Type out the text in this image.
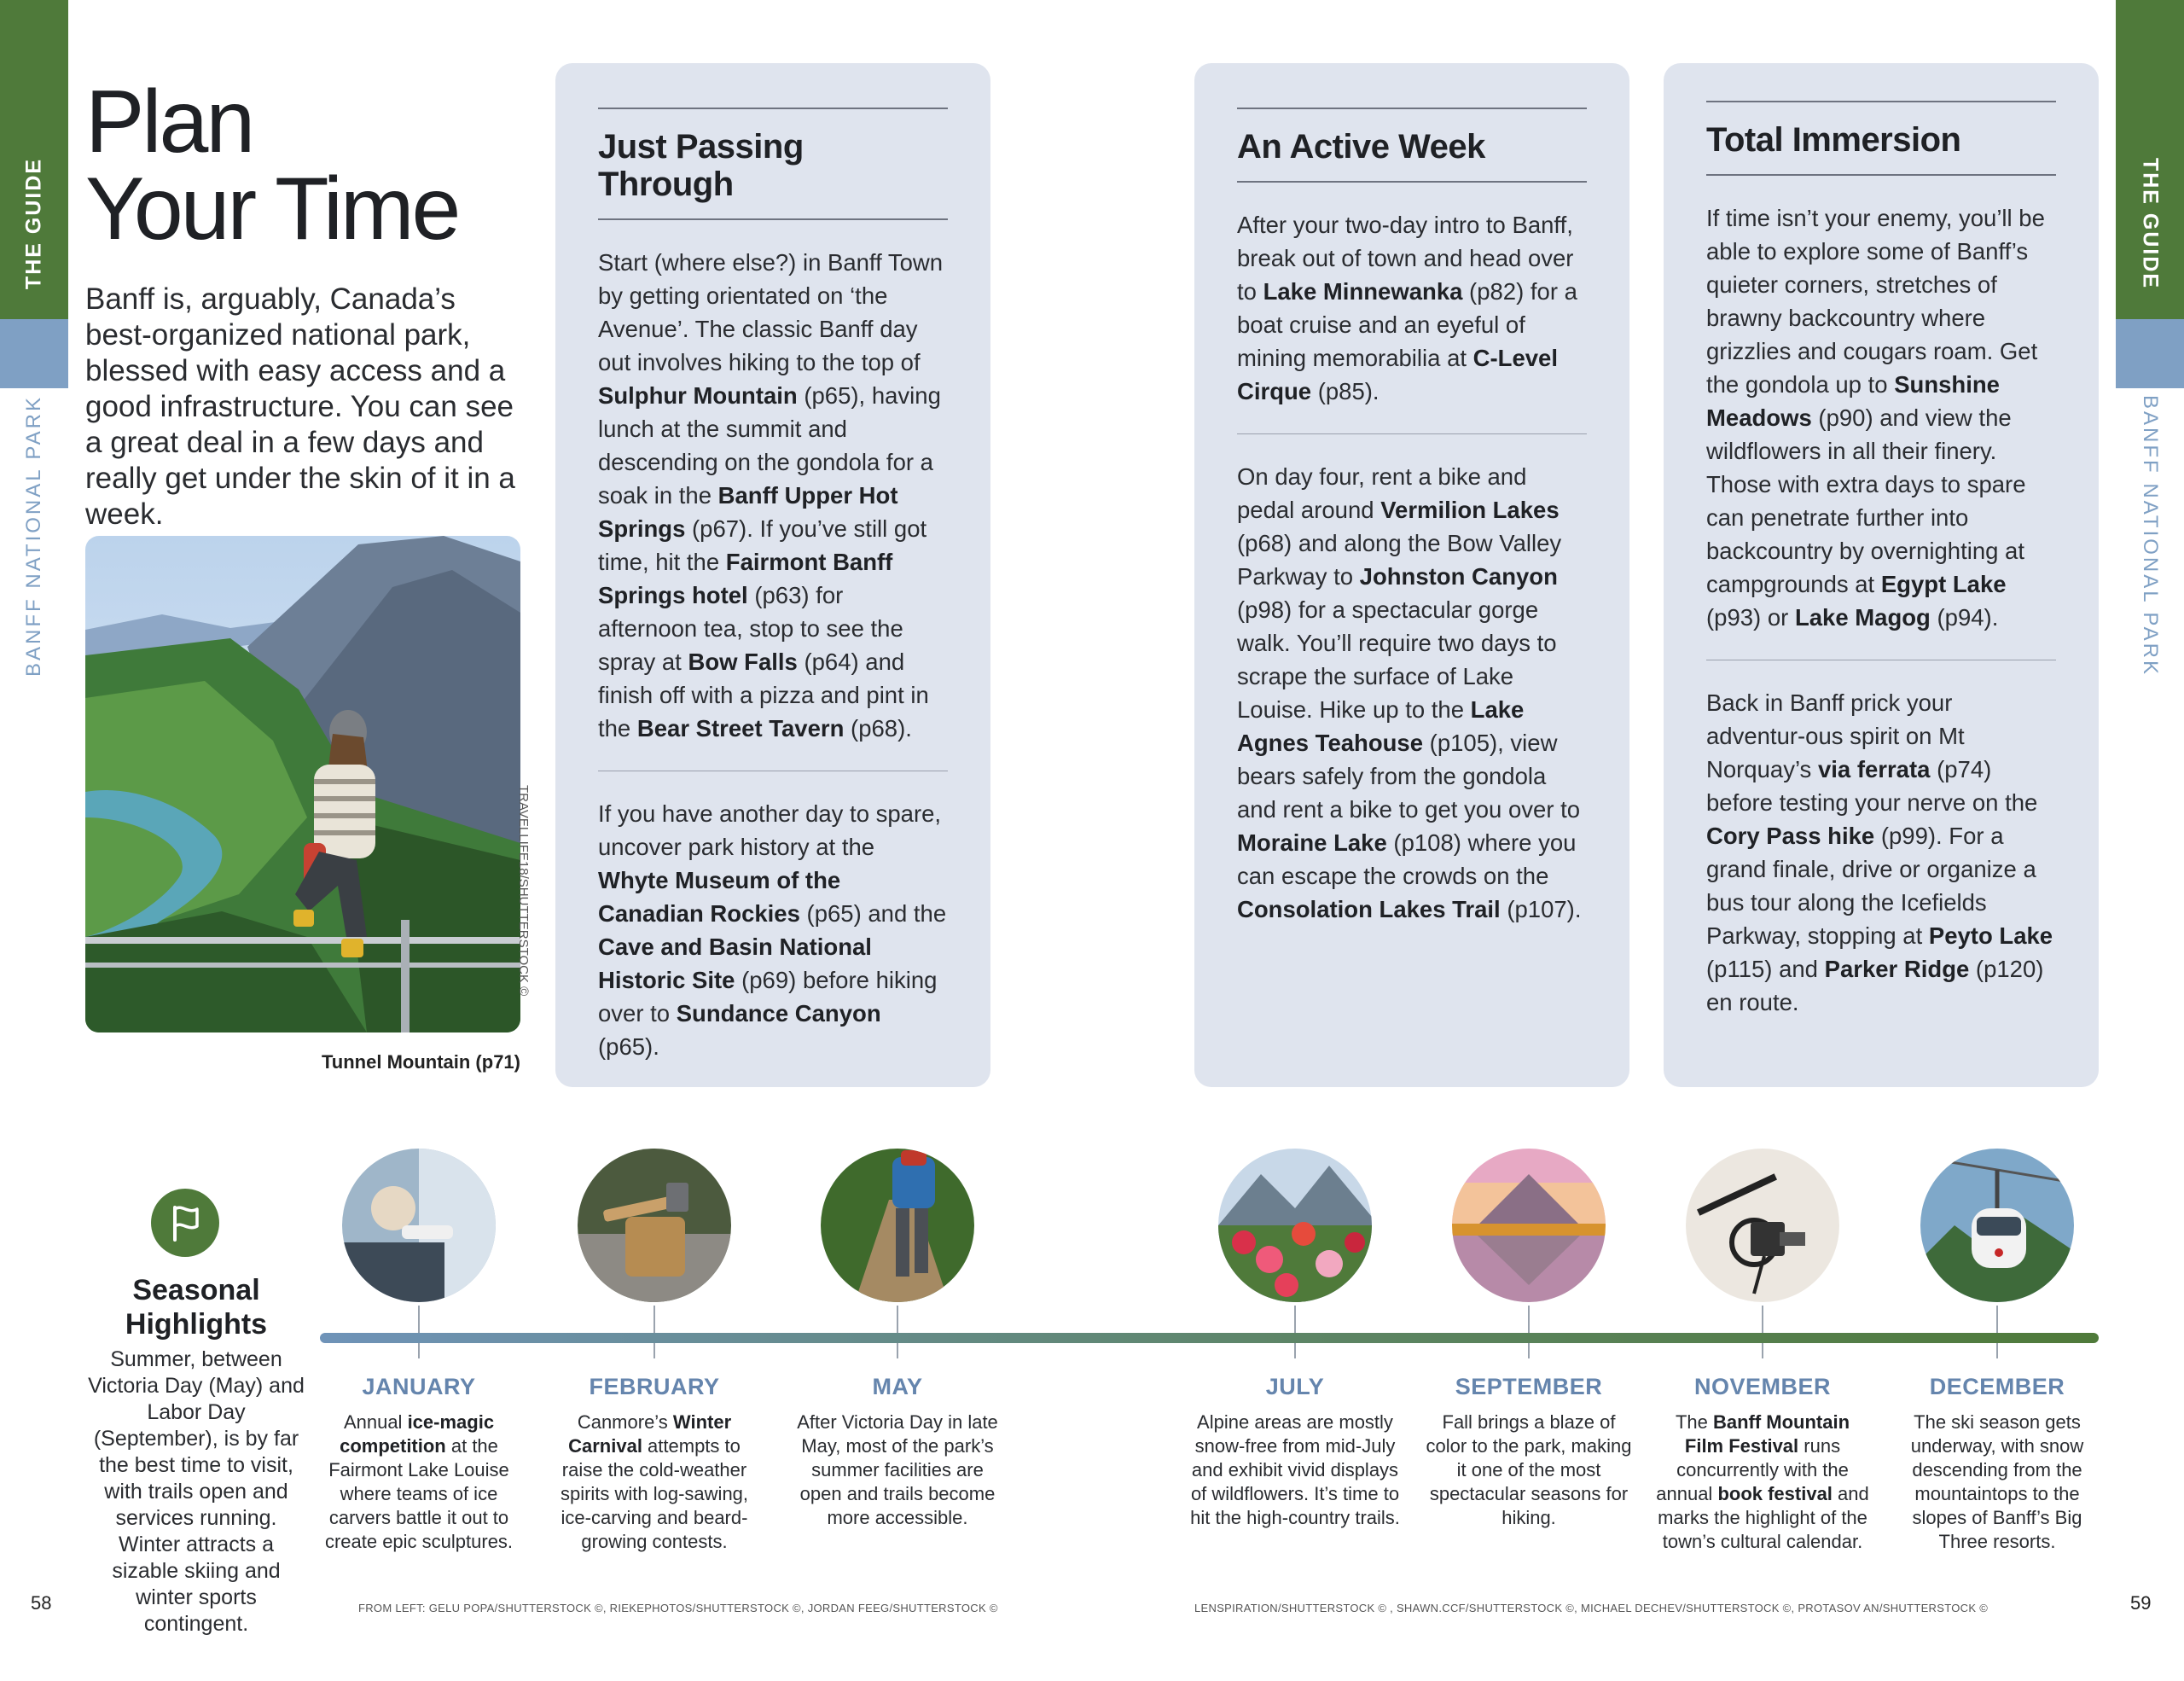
THE GUIDE
BANFF NATIONAL PARK
THE GUIDE
BANFF NATIONAL PARK
58	59
Plan
Your Time

Banff is, arguably, Canada’s best-organized national park, blessed with easy access and a good infrastructure. You can see a great deal in a few days and really get under the skin of it in a week.

TRAVELLIFE18/SHUTTERSTOCK ©
Tunnel Mountain (p71)
Just Passing Through

Start (where else?) in Banff Town by getting orientated on ‘the Avenue’. The classic Banff day out involves hiking to the top of Sulphur Mountain (p65), having lunch at the summit and descending on the gondola for a soak in the Banff Upper Hot Springs (p67). If you’ve still got time, hit the Fairmont Banff Springs hotel (p63) for afternoon tea, stop to see the spray at Bow Falls (p64) and finish off with a pizza and pint in the Bear Street Tavern (p68).

If you have another day to spare, uncover park history at the Whyte Museum of the Canadian Rockies (p65) and the Cave and Basin National Historic Site (p69) before hiking over to Sundance Canyon (p65).

An Active Week

After your two-day intro to Banff, break out of town and head over to Lake Minnewanka (p82) for a boat cruise and an eyeful of mining memorabilia at C-Level Cirque (p85).

On day four, rent a bike and pedal around Vermilion Lakes (p68) and along the Bow Valley Parkway to Johnston Canyon (p98) for a spectacular gorge walk. You’ll require two days to scrape the surface of Lake Louise. Hike up to the Lake Agnes Teahouse (p105), view bears safely from the gondola and rent a bike to get you over to Moraine Lake (p108) where you can escape the crowds on the Consolation Lakes Trail (p107).

Total Immersion

If time isn’t your enemy, you’ll be able to explore some of Banff’s quieter corners, stretches of brawny backcountry where grizzlies and cougars roam. Get the gondola up to Sunshine Meadows (p90) and view the wildflowers in all their finery. Those with extra days to spare can penetrate further into backcountry by overnighting at campgrounds at Egypt Lake (p93) or Lake Magog (p94).

Back in Banff prick your adventur-ous spirit on Mt Norquay’s via ferrata (p74) before testing your nerve on the Cory Pass hike (p99). For a grand finale, drive or organize a bus tour along the Icefields Parkway, stopping at Peyto Lake (p115) and Parker Ridge (p120) en route.

Seasonal Highlights

Summer, between Victoria Day (May) and Labor Day (September), is by far the best time to visit, with trails open and services running. Winter attracts a sizable skiing and winter sports contingent.

JANUARY
Annual ice-magic competition at the Fairmont Lake Louise where teams of ice carvers battle it out to create epic sculptures.
FEBRUARY
Canmore’s Winter Carnival attempts to raise the cold-weather spirits with log-sawing, ice-carving and beard-growing contests.
MAY
After Victoria Day in late May, most of the park’s summer facilities are open and trails become more accessible.
JULY
Alpine areas are mostly snow-free from mid-July and exhibit vivid displays of wildflowers. It’s time to hit the high-country trails.
SEPTEMBER
Fall brings a blaze of color to the park, making it one of the most spectacular seasons for hiking.
NOVEMBER
The Banff Mountain Film Festival runs concurrently with the annual book festival and marks the highlight of the town’s cultural calendar.
DECEMBER
The ski season gets underway, with snow descending from the mountaintops to the slopes of Banff’s Big Three resorts.
FROM LEFT: GELU POPA/SHUTTERSTOCK ©, RIEKEPHOTOS/SHUTTERSTOCK ©, JORDAN FEEG/SHUTTERSTOCK ©	LENSPIRATION/SHUTTERSTOCK © , SHAWN.CCF/SHUTTERSTOCK ©, MICHAEL DECHEV/SHUTTERSTOCK ©, PROTASOV AN/SHUTTERSTOCK ©
